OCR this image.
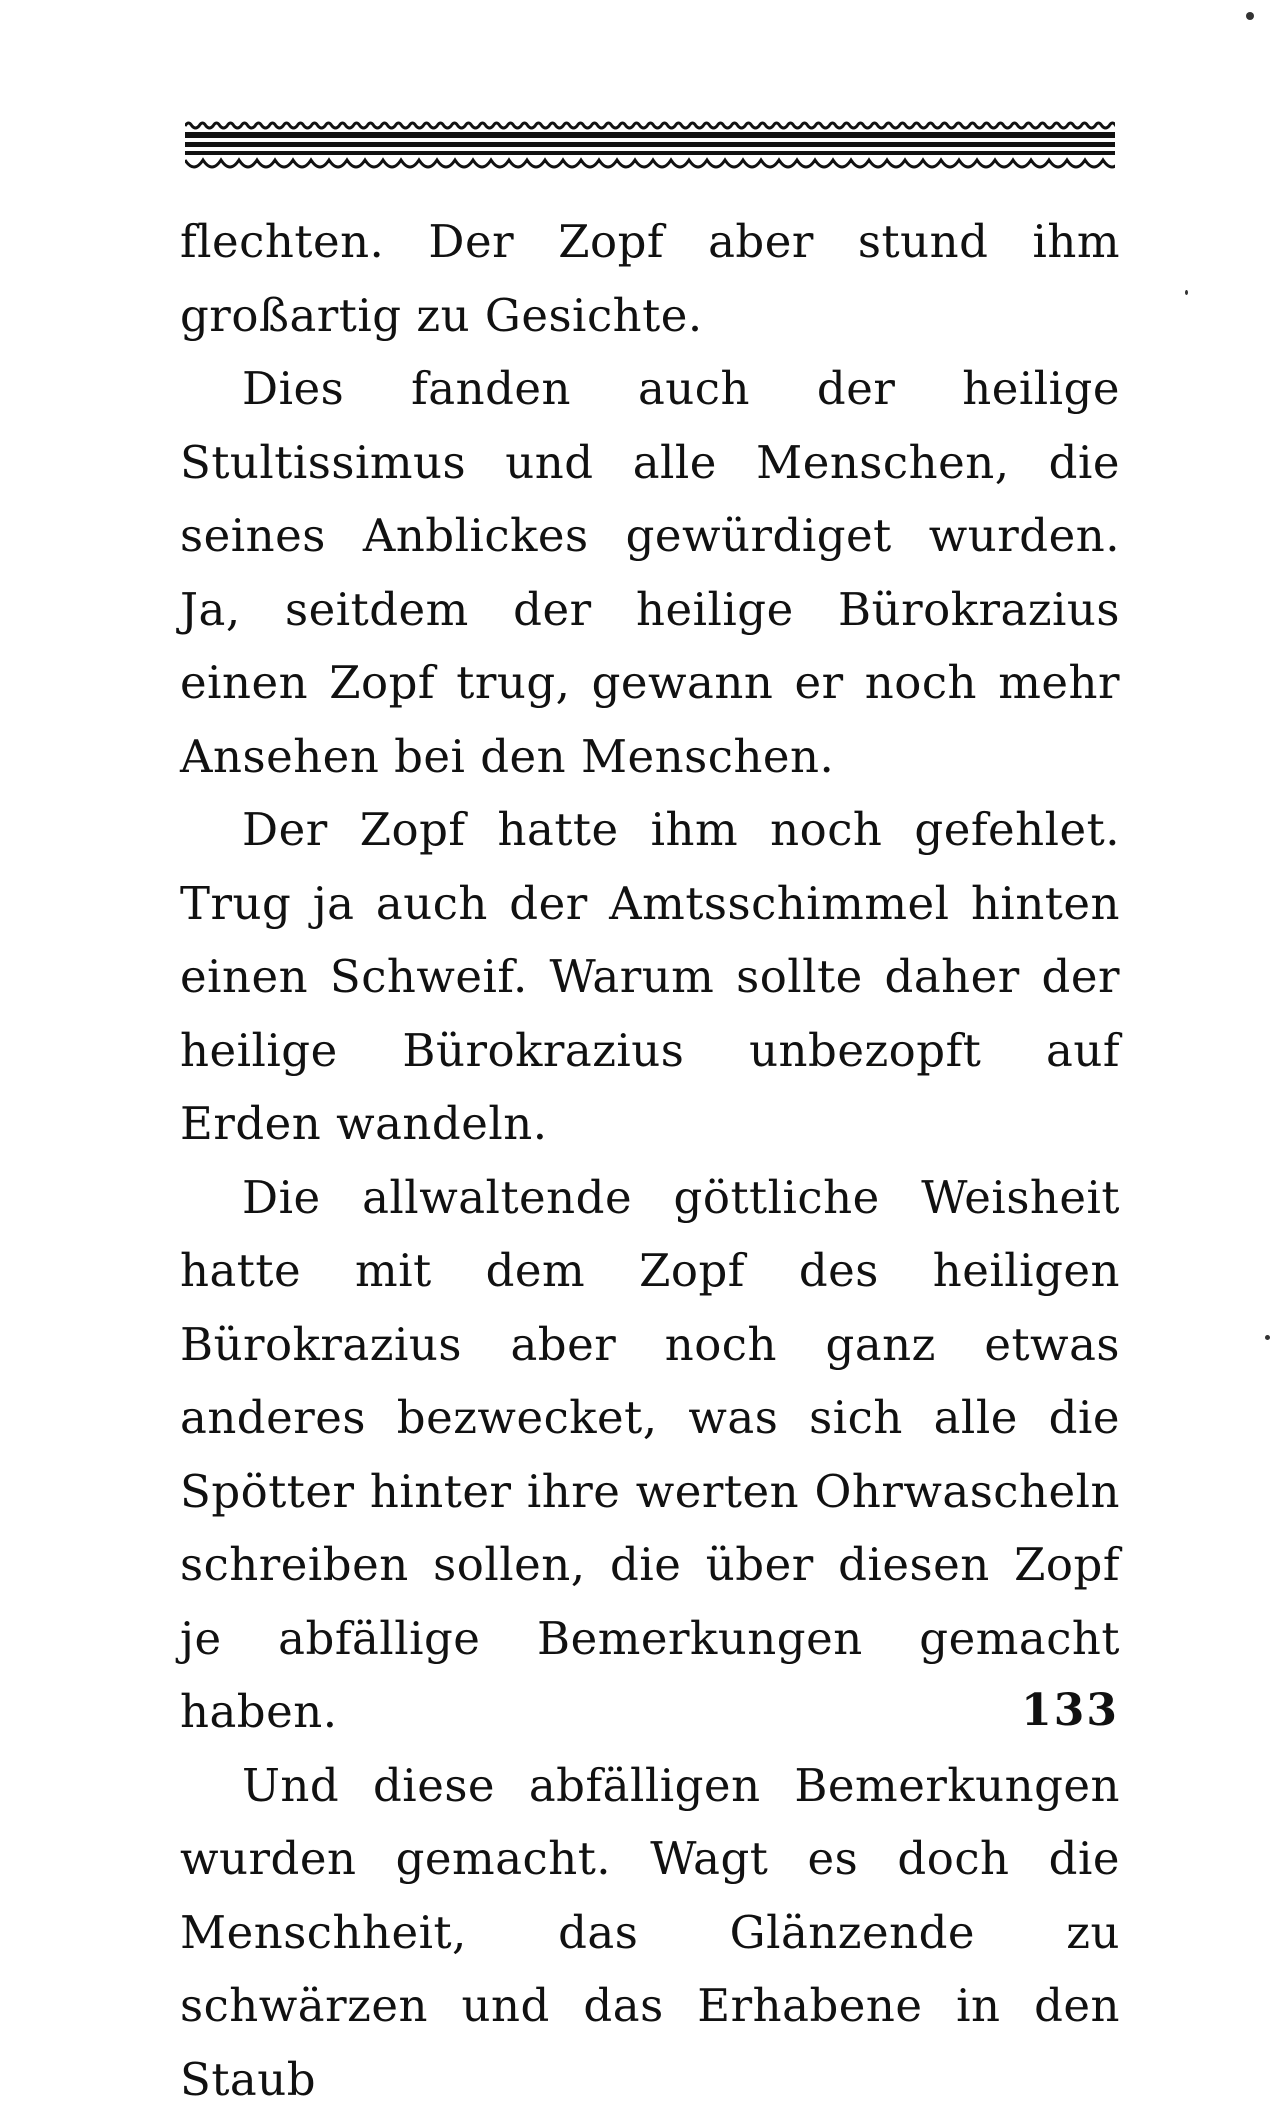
flechten. Der Zopf aber stund ihm großartig zu Gesichte.

Dies fanden auch der heilige Stultissimus und alle Menschen, die seines Anblickes gewürdiget wurden. Ja, seitdem der heilige Bürokrazius einen Zopf trug, gewann er noch mehr Ansehen bei den Menschen.

Der Zopf hatte ihm noch gefehlet. Trug ja auch der Amtsschimmel hinten einen Schweif. Warum sollte daher der heilige Bürokrazius unbezopft auf Erden wandeln.

Die allwaltende göttliche Weisheit hatte mit dem Zopf des heiligen Bürokrazius aber noch ganz etwas anderes bezwecket, was sich alle die Spötter hinter ihre werten Ohrwascheln schreiben sollen, die über diesen Zopf je abfällige Bemerkungen gemacht haben.

Und diese abfälligen Bemerkungen wurden gemacht. Wagt es doch die Menschheit, das Glänzende zu schwärzen und das Erhabene in den Staub

133
